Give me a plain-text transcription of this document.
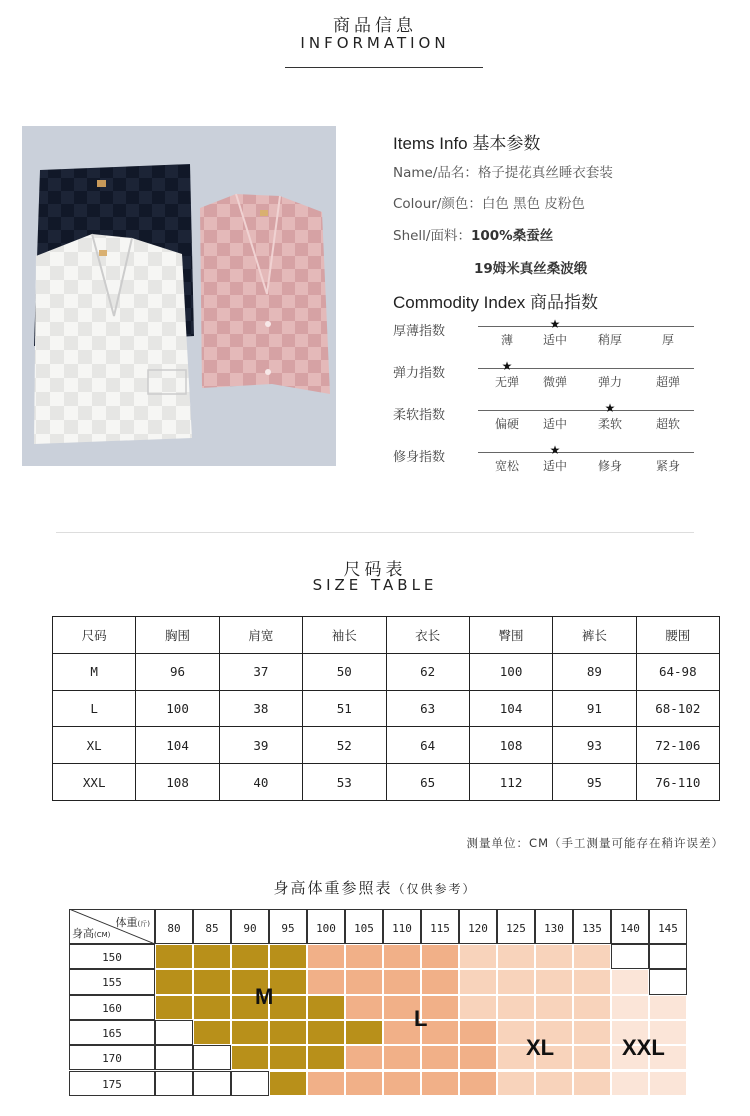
商品信息
INFORMATION
Items Info 基本参数
Name/品名：格子提花真丝睡衣套装
Colour/颜色：白色 黑色 皮粉色
Shell/面料：100%桑蚕丝
19姆米真丝桑波缎
Commodity Index 商品指数
厚薄指数
薄	适中	稍厚	厚
★
弹力指数
无弹	微弹	弹力	超弹
★
柔软指数
偏硬	适中	柔软	超软
★
修身指数
宽松	适中	修身	紧身
★
尺码表
SIZE TABLE
尺码	胸围	肩宽	袖长	衣长	臀围	裤长	腰围
M	96	37	50	62	100	89	64-98
L	100	38	51	63	104	91	68-102
XL	104	39	52	64	108	93	72-106
XXL	108	40	53	65	112	95	76-110
测量单位：CM（手工测量可能存在稍许误差）
身高体重参照表（仅供参考）
体重(斤)
身高(CM)	80	85	90	95	100	105	110	115	120	125	130	135	140	145
150
155
160
165
170
175
M
L
XL	XXL
